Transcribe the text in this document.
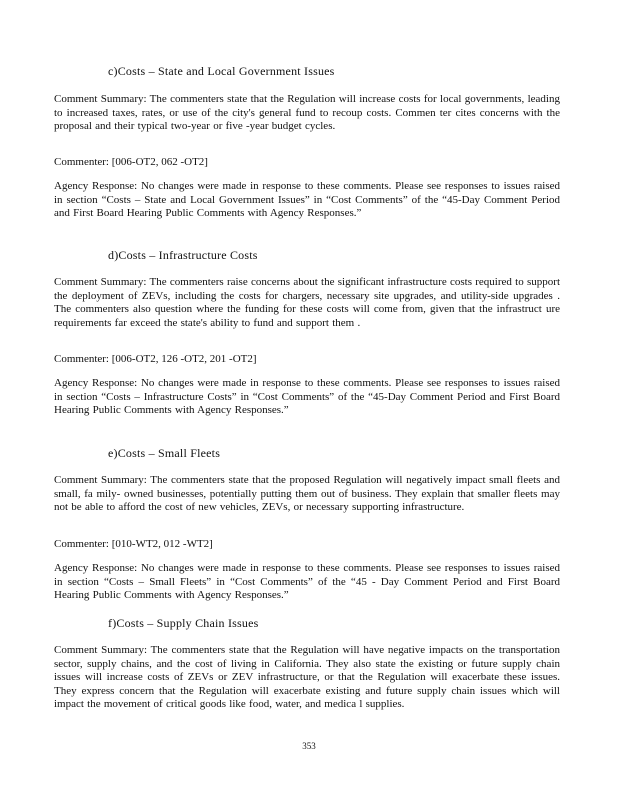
c)Costs – State and Local Government Issues
Comment Summary: The commenters state that the Regulation will increase costs for local governments, leading to increased taxes, rates, or use of the city's general fund to recoup costs. Commen ter cites concerns with the proposal and their typical two-year or five -year budget cycles.
Commenter: [006-OT2, 062 -OT2]
Agency Response: No changes were made in response to these comments. Please see responses to issues raised in section “Costs – State and Local Government Issues” in “Cost Comments” of the “45-Day Comment Period and First Board Hearing Public Comments with Agency Responses.”
d)Costs – Infrastructure Costs
Comment Summary: The commenters raise concerns about the significant infrastructure costs required to support the deployment of ZEVs, including the costs for chargers, necessary site upgrades, and utility-side upgrades . The commenters also question where the funding for these costs will come from, given that the infrastruct ure requirements far exceed the state's ability to fund and support them .
Commenter: [006-OT2, 126 -OT2, 201 -OT2]
Agency Response: No changes were made in response to these comments. Please see responses to issues raised in section “Costs – Infrastructure Costs” in “Cost Comments” of the “45-Day Comment Period and First Board Hearing Public Comments with Agency Responses.”
e)Costs – Small Fleets
Comment Summary: The commenters state that the proposed Regulation will negatively impact small fleets and small, fa mily- owned businesses, potentially putting them out of business. They explain that smaller fleets may not be able to afford the cost of new vehicles, ZEVs, or necessary supporting infrastructure.
Commenter: [010-WT2, 012 -WT2]
Agency Response: No changes were made in response to these comments. Please see responses to issues raised in section “Costs – Small Fleets” in “Cost Comments” of the “45 - Day Comment Period and First Board Hearing Public Comments with Agency Responses.”
f)Costs – Supply Chain Issues
Comment Summary: The commenters state that the Regulation will have negative impacts on the transportation sector, supply chains, and the cost of living in California. They also state the existing or future supply chain issues will increase costs of ZEVs or ZEV infrastructure, or that the Regulation will exacerbate these issues. They express concern that the Regulation will exacerbate existing and future supply chain issues which will impact the movement of critical goods like food, water, and medica l supplies.
353
